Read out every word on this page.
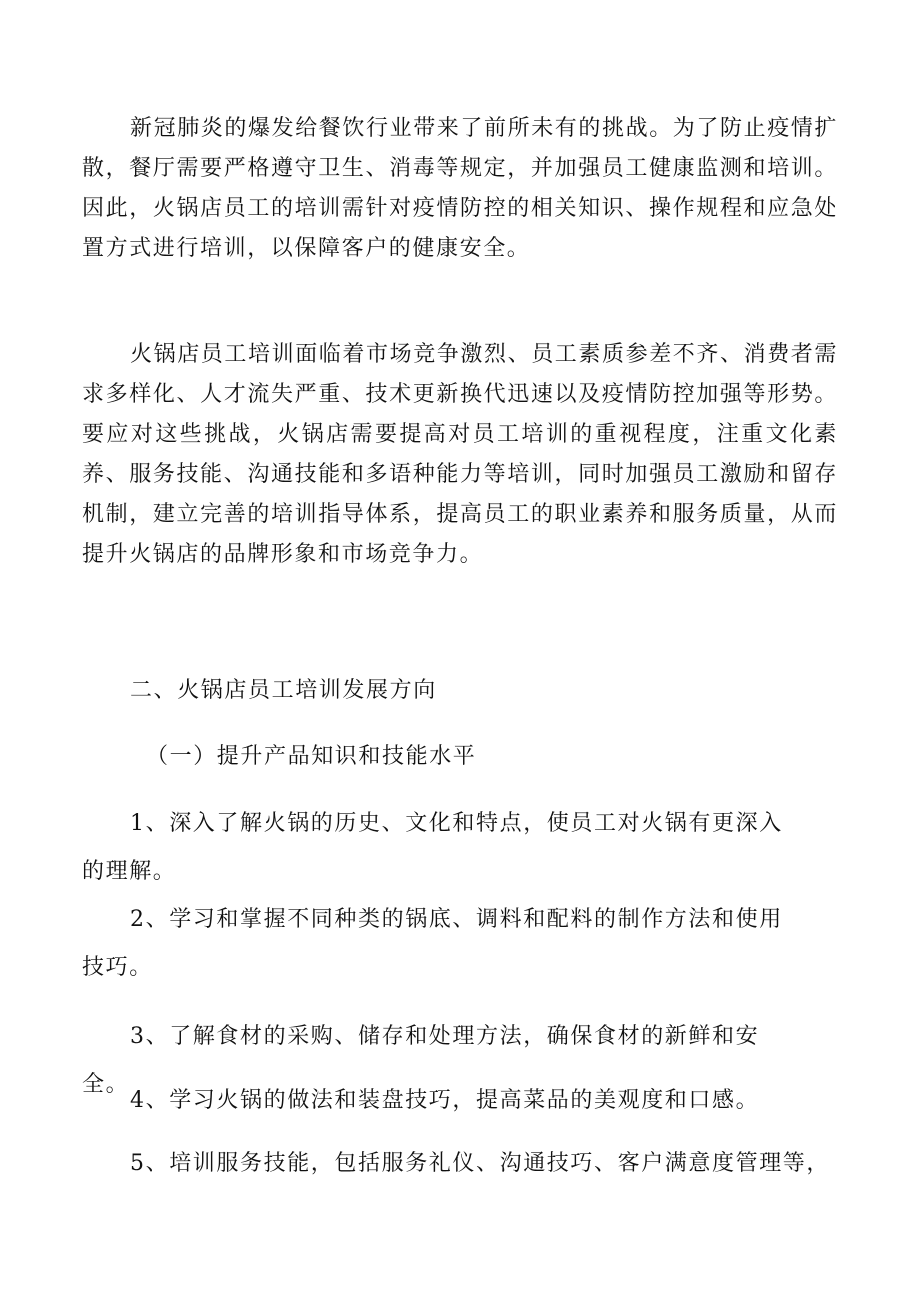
新冠肺炎的爆发给餐饮行业带来了前所未有的挑战。为了防止疫情扩散，餐厅需要严格遵守卫生、消毒等规定，并加强员工健康监测和培训。因此，火锅店员工的培训需针对疫情防控的相关知识、操作规程和应急处置方式进行培训，以保障客户的健康安全。

火锅店员工培训面临着市场竞争激烈、员工素质参差不齐、消费者需求多样化、人才流失严重、技术更新换代迅速以及疫情防控加强等形势。要应对这些挑战，火锅店需要提高对员工培训的重视程度，注重文化素养、服务技能、沟通技能和多语种能力等培训，同时加强员工激励和留存机制，建立完善的培训指导体系，提高员工的职业素养和服务质量，从而提升火锅店的品牌形象和市场竞争力。

二、火锅店员工培训发展方向
（一）提升产品知识和技能水平

1、深入了解火锅的历史、文化和特点，使员工对火锅有更深入的理解。

2、学习和掌握不同种类的锅底、调料和配料的制作方法和使用技巧。

3、了解食材的采购、储存和处理方法，确保食材的新鲜和安全。

4、学习火锅的做法和装盘技巧，提高菜品的美观度和口感。

5、培训服务技能，包括服务礼仪、沟通技巧、客户满意度管理等，
